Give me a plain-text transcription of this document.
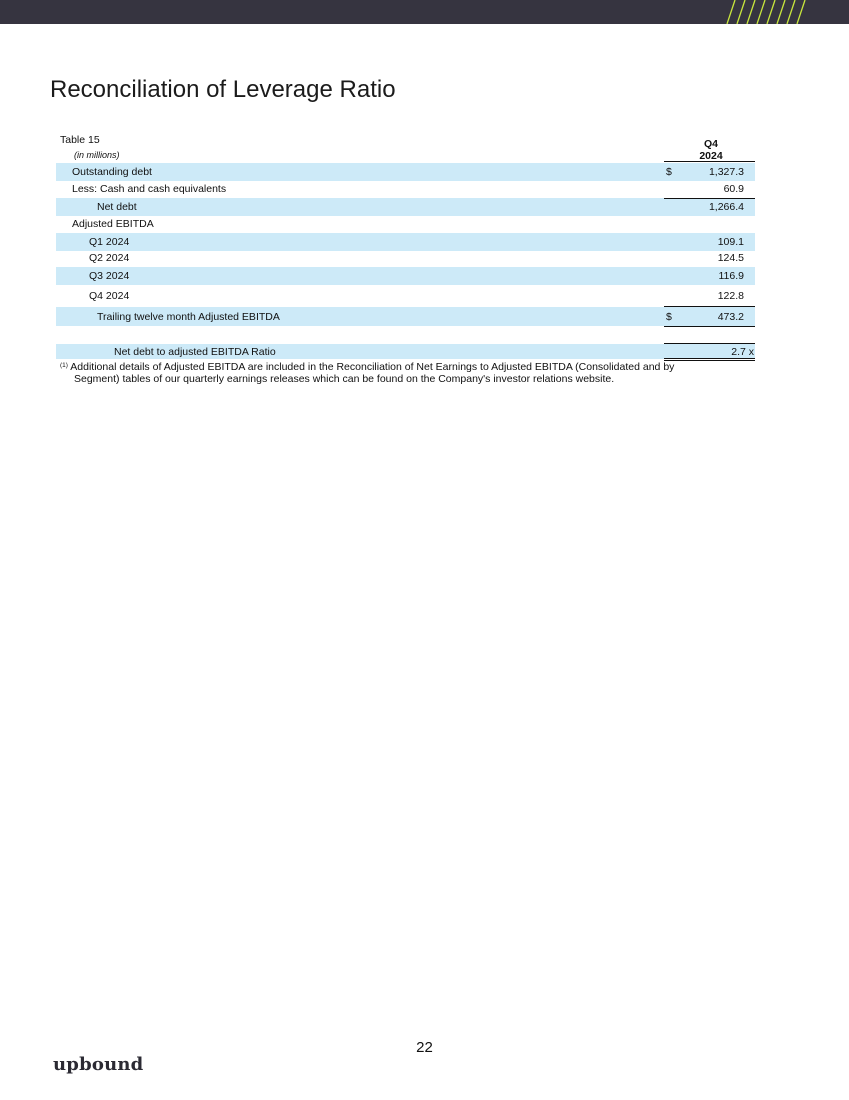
Reconciliation of Leverage Ratio
Table 15
(in millions)
Q4
2024
Outstanding debt	$	1,327.3
Less: Cash and cash equivalents	60.9
Net debt	1,266.4
Adjusted EBITDA
Q1 2024	109.1
Q2 2024	124.5
Q3 2024	116.9
Q4 2024	122.8
Trailing twelve month Adjusted EBITDA	$	473.2
Net debt to adjusted EBITDA Ratio	2.7 x
$^{(1)}$ Additional details of Adjusted EBITDA are included in the Reconciliation of Net Earnings to Adjusted EBITDA (Consolidated and by
Segment) tables of our quarterly earnings releases which can be found on the Company's investor relations website.
22
upbound
